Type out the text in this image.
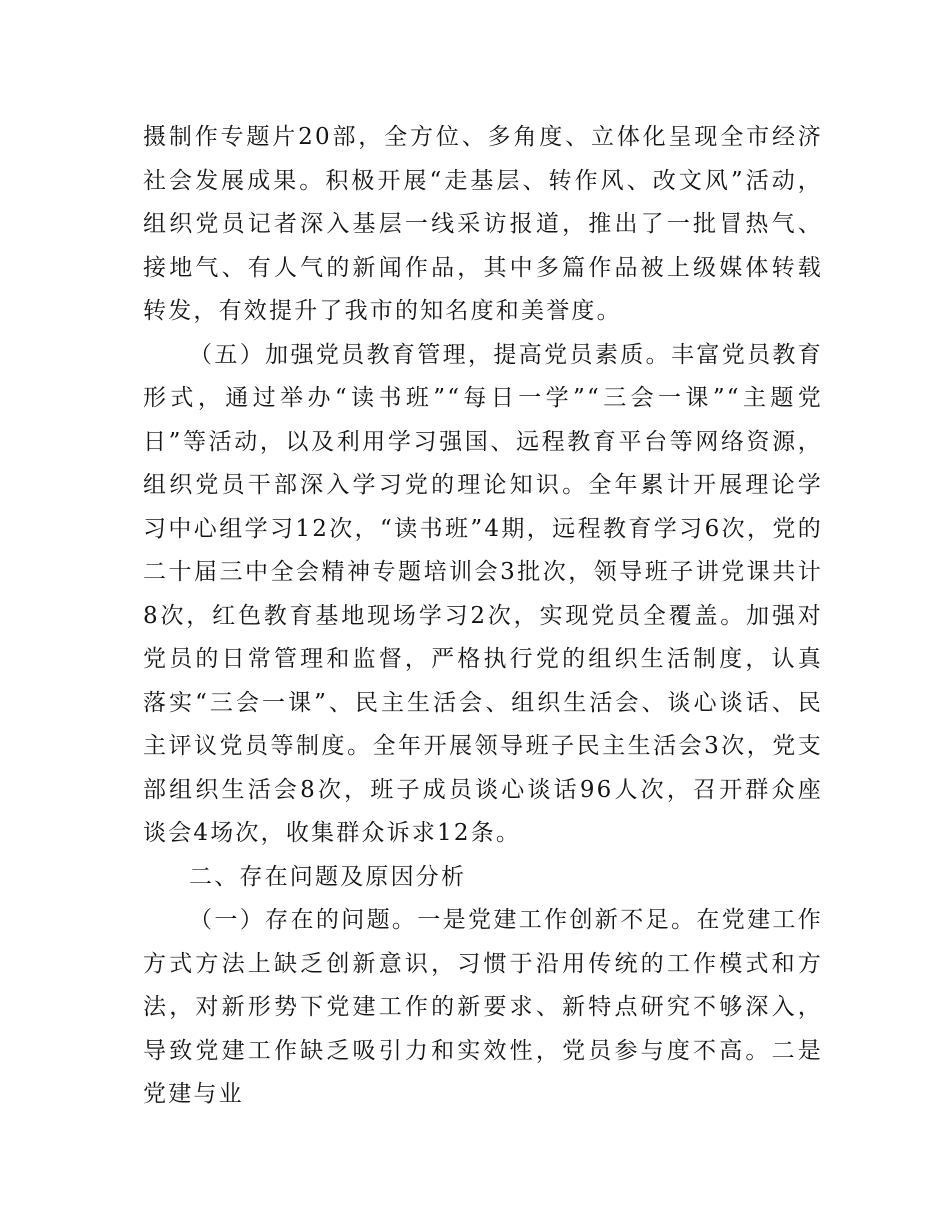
摄制作专题片20部，全方位、多角度、立体化呈现全市经济社会发展成果。积极开展“走基层、转作风、改文风”活动，组织党员记者深入基层一线采访报道，推出了一批冒热气、接地气、有人气的新闻作品，其中多篇作品被上级媒体转载转发，有效提升了我市的知名度和美誉度。

（五）加强党员教育管理，提高党员素质。丰富党员教育形式，通过举办“读书班”“每日一学”“三会一课”“主题党日”等活动，以及利用学习强国、远程教育平台等网络资源，组织党员干部深入学习党的理论知识。全年累计开展理论学习中心组学习12次，“读书班”4期，远程教育学习6次，党的二十届三中全会精神专题培训会3批次，领导班子讲党课共计8次，红色教育基地现场学习2次，实现党员全覆盖。加强对党员的日常管理和监督，严格执行党的组织生活制度，认真落实“三会一课”、民主生活会、组织生活会、谈心谈话、民主评议党员等制度。全年开展领导班子民主生活会3次，党支部组织生活会8次，班子成员谈心谈话96人次，召开群众座谈会4场次，收集群众诉求12条。

二、存在问题及原因分析

（一）存在的问题。一是党建工作创新不足。在党建工作方式方法上缺乏创新意识，习惯于沿用传统的工作模式和方法，对新形势下党建工作的新要求、新特点研究不够深入，导致党建工作缺乏吸引力和实效性，党员参与度不高。二是党建与业
